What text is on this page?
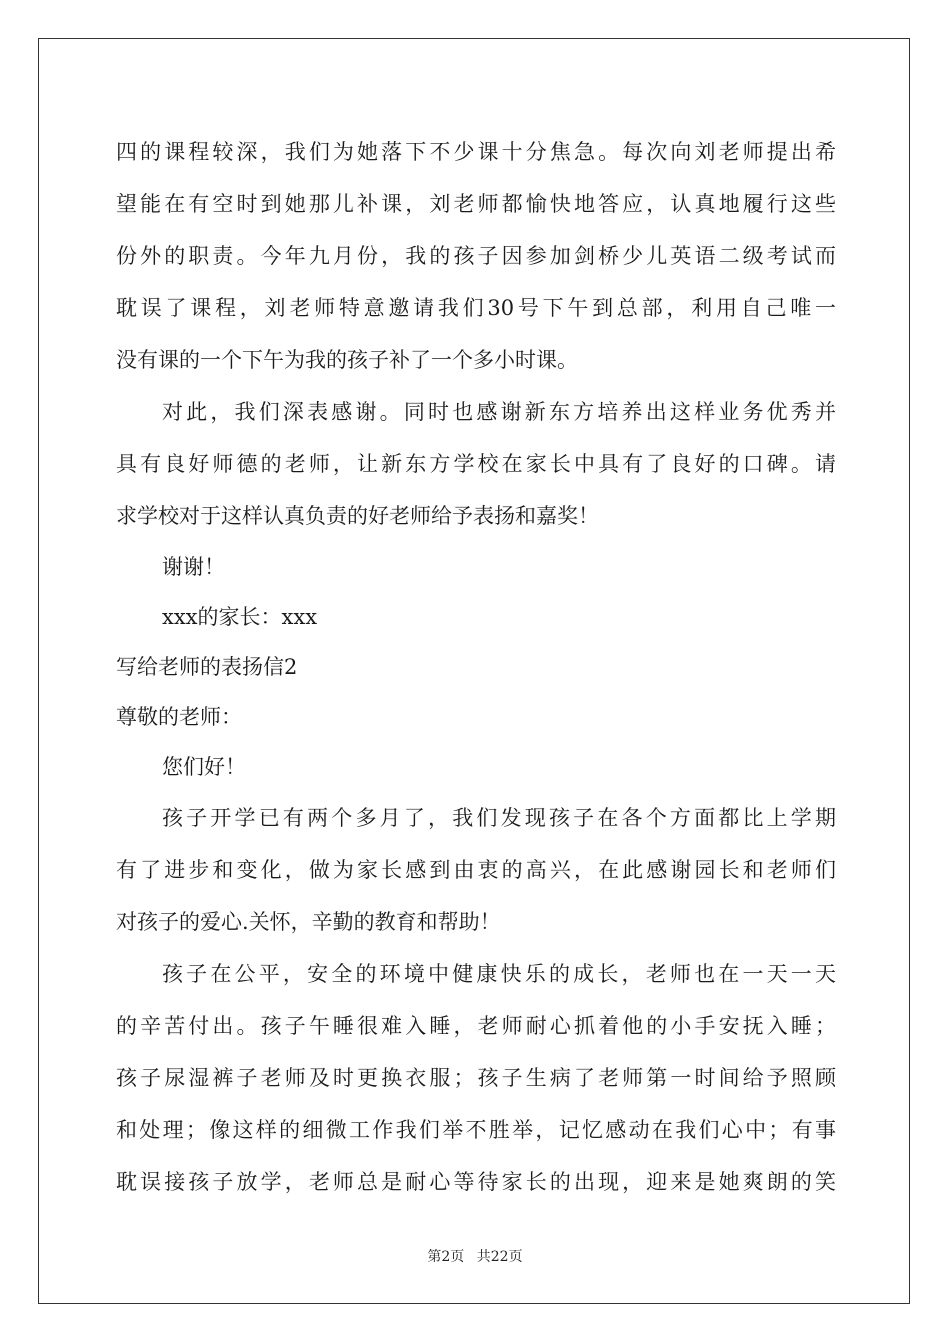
四的课程较深，我们为她落下不少课十分焦急。每次向刘老师提出希
望能在有空时到她那儿补课，刘老师都愉快地答应，认真地履行这些
份外的职责。今年九月份，我的孩子因参加剑桥少儿英语二级考试而
耽误了课程，刘老师特意邀请我们30号下午到总部，利用自己唯一
没有课的一个下午为我的孩子补了一个多小时课。
对此，我们深表感谢。同时也感谢新东方培养出这样业务优秀并
具有良好师德的老师，让新东方学校在家长中具有了良好的口碑。请
求学校对于这样认真负责的好老师给予表扬和嘉奖！
谢谢！
xxx的家长：xxx
写给老师的表扬信2
尊敬的老师：
您们好！
孩子开学已有两个多月了，我们发现孩子在各个方面都比上学期
有了进步和变化，做为家长感到由衷的高兴，在此感谢园长和老师们
对孩子的爱心.关怀，辛勤的教育和帮助！
孩子在公平，安全的环境中健康快乐的成长，老师也在一天一天
的辛苦付出。孩子午睡很难入睡，老师耐心抓着他的小手安抚入睡；
孩子尿湿裤子老师及时更换衣服；孩子生病了老师第一时间给予照顾
和处理；像这样的细微工作我们举不胜举，记忆感动在我们心中；有事
耽误接孩子放学，老师总是耐心等待家长的出现，迎来是她爽朗的笑
第2页 共22页
